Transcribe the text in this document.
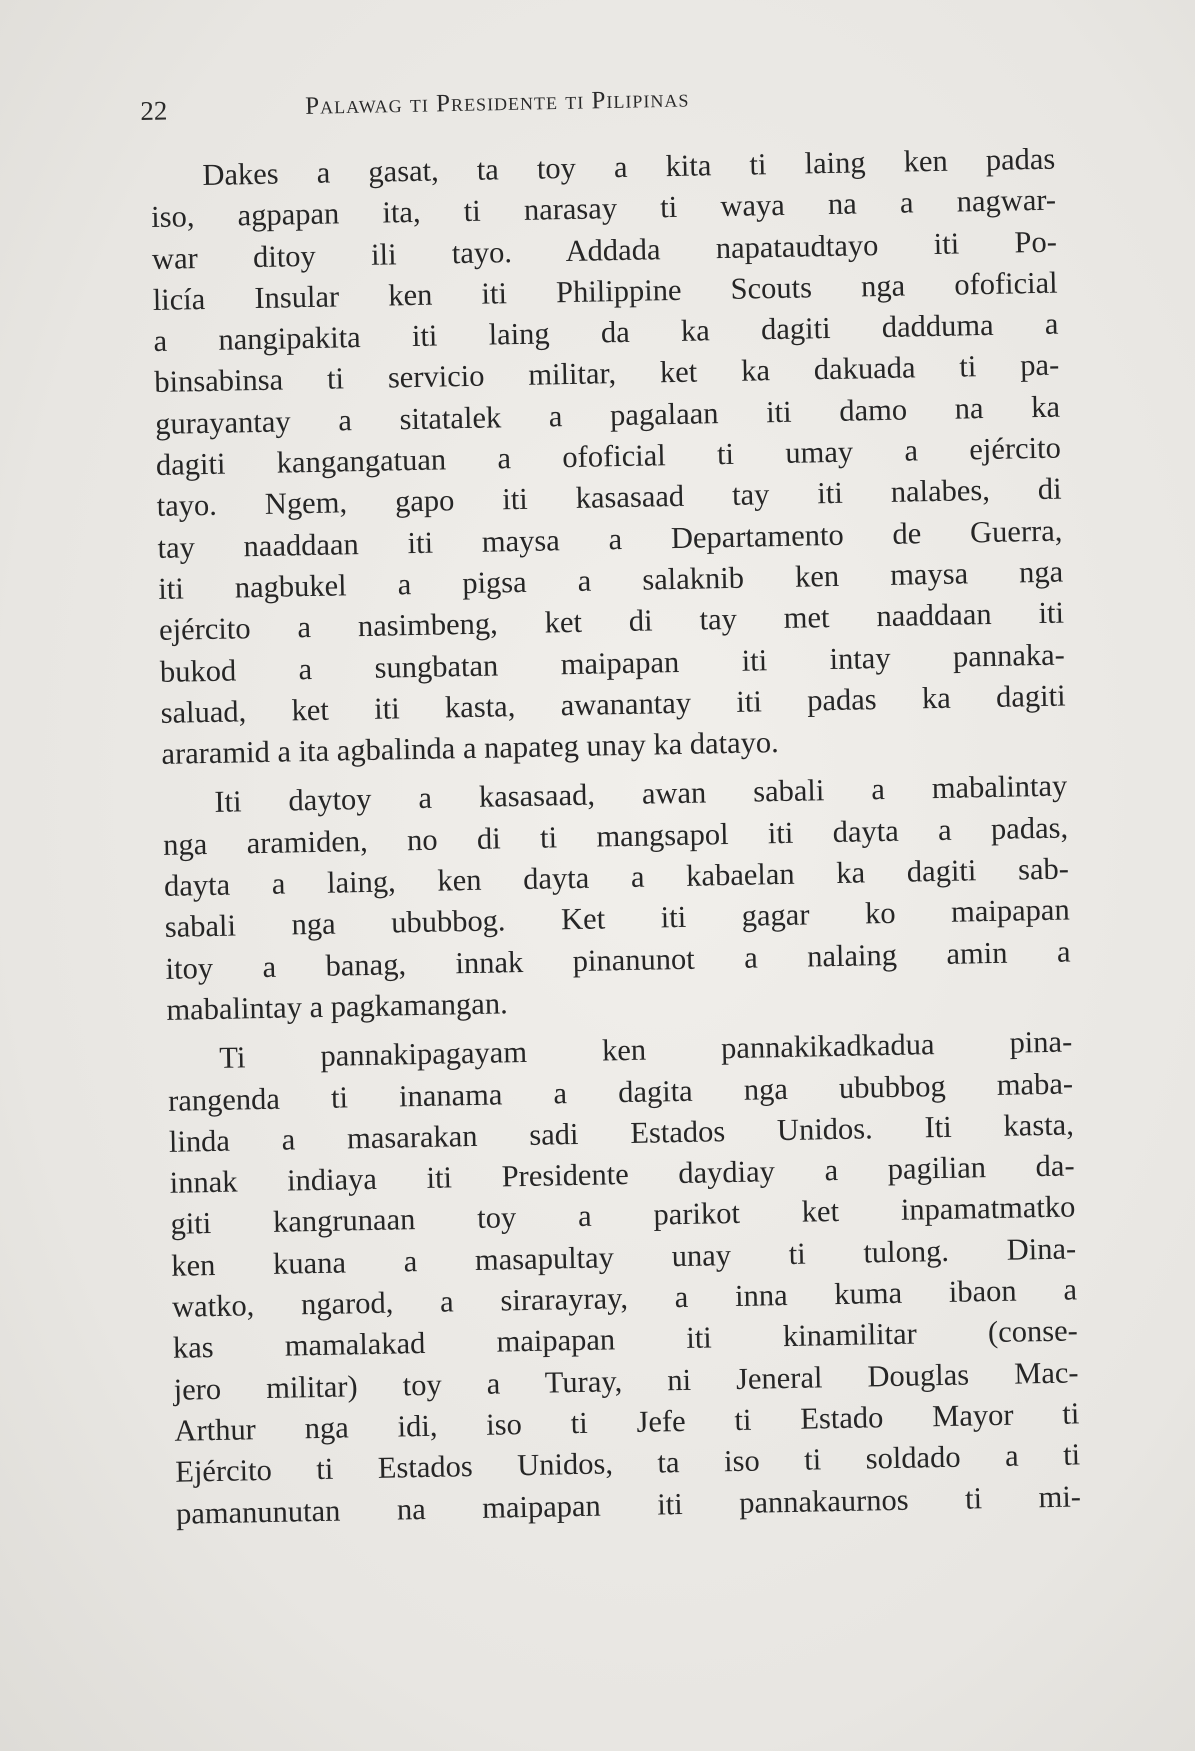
22	Palawag ti Presidente ti Pilipinas
Dakes a gasat, ta toy a kita ti laing ken padas
iso, agpapan ita, ti narasay ti waya na a nagwar-
war ditoy ili tayo. Addada napataudtayo iti Po-
licía Insular ken iti Philippine Scouts nga ofoficial
a nangipakita iti laing da ka dagiti dadduma a
binsabinsa ti servicio militar, ket ka dakuada ti pa-
gurayantay a sitatalek a pagalaan iti damo na ka
dagiti kangangatuan a ofoficial ti umay a ejército
tayo. Ngem, gapo iti kasasaad tay iti nalabes, di
tay naaddaan iti maysa a Departamento de Guerra,
iti nagbukel a pigsa a salaknib ken maysa nga
ejército a nasimbeng, ket di tay met naaddaan iti
bukod a sungbatan maipapan iti intay pannaka-
saluad, ket iti kasta, awanantay iti padas ka dagiti
araramid a ita agbalinda a napateg unay ka datayo.
Iti daytoy a kasasaad, awan sabali a mabalintay
nga aramiden, no di ti mangsapol iti dayta a padas,
dayta a laing, ken dayta a kabaelan ka dagiti sab-
sabali nga ububbog. Ket iti gagar ko maipapan
itoy a banag, innak pinanunot a nalaing amin a
mabalintay a pagkamangan.
Ti pannakipagayam ken pannakikadkadua pina-
rangenda ti inanama a dagita nga ububbog maba-
linda a masarakan sadi Estados Unidos. Iti kasta,
innak indiaya iti Presidente daydiay a pagilian da-
giti kangrunaan toy a parikot ket inpamatmatko
ken kuana a masapultay unay ti tulong. Dina-
watko, ngarod, a sirarayray, a inna kuma ibaon a
kas mamalakad maipapan iti kinamilitar (conse-
jero militar) toy a Turay, ni Jeneral Douglas Mac-
Arthur nga idi, iso ti Jefe ti Estado Mayor ti
Ejército ti Estados Unidos, ta iso ti soldado a ti
pamanunutan na maipapan iti pannakaurnos ti mi-
